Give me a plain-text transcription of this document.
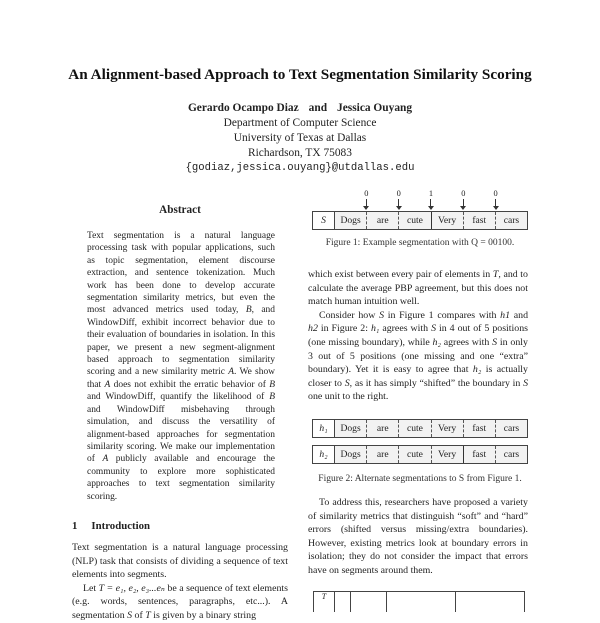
An Alignment-based Approach to Text Segmentation Similarity Scoring
Gerardo Ocampo Diaz and Jessica Ouyang
Department of Computer Science
University of Texas at Dallas
Richardson, TX 75083
{godiaz,jessica.ouyang}@utdallas.edu
Abstract
Text segmentation is a natural language processing task with popular applications, such as topic segmentation, element discourse extraction, and sentence tokenization. Much work has been done to develop accurate segmentation similarity metrics, but even the most advanced metrics used today, B, and WindowDiff, exhibit incorrect behavior due to their evaluation of boundaries in isolation. In this paper, we present a new segment-alignment based approach to segmentation similarity scoring and a new similarity metric A. We show that A does not exhibit the erratic behavior of B and WindowDiff, quantify the likelihood of B and WindowDiff misbehaving through simulation, and discuss the versatility of alignment-based approaches for segmentation similarity scoring. We make our implementation of A publicly available and encourage the community to explore more sophisticated approaches to text segmentation similarity scoring.
1 Introduction
Text segmentation is a natural language processing (NLP) task that consists of dividing a sequence of text elements into segments.
Let T = e₁, e₂, e₃...eₙ be a sequence of text elements (e.g. words, sentences, paragraphs, etc...). A segmentation S of T is given by a binary string
0	0	1	0	0
S	Dogs	are	cute	Very	fast	cars
Figure 1: Example segmentation with Q = 00100.
which exist between every pair of elements in T, and to calculate the average PBP agreement, but this does not match human intuition well.
Consider how S in Figure 1 compares with h1 and h2 in Figure 2: h₁ agrees with S in 4 out of 5 positions (one missing boundary), while h₂ agrees with S in only 3 out of 5 positions (one missing and one “extra” boundary). Yet it is easy to agree that h₂ is actually closer to S, as it has simply “shifted” the boundary in S one unit to the right.
h₁	Dogs	are	cute	Very	fast	cars
h₂	Dogs	are	cute	Very	fast	cars
Figure 2: Alternate segmentations to S from Figure 1.
To address this, researchers have proposed a variety of similarity metrics that distinguish “soft” and “hard” errors (shifted versus missing/extra boundaries). However, existing metrics look at boundary errors in isolation; they do not consider the impact that errors have on segments around them.
T
